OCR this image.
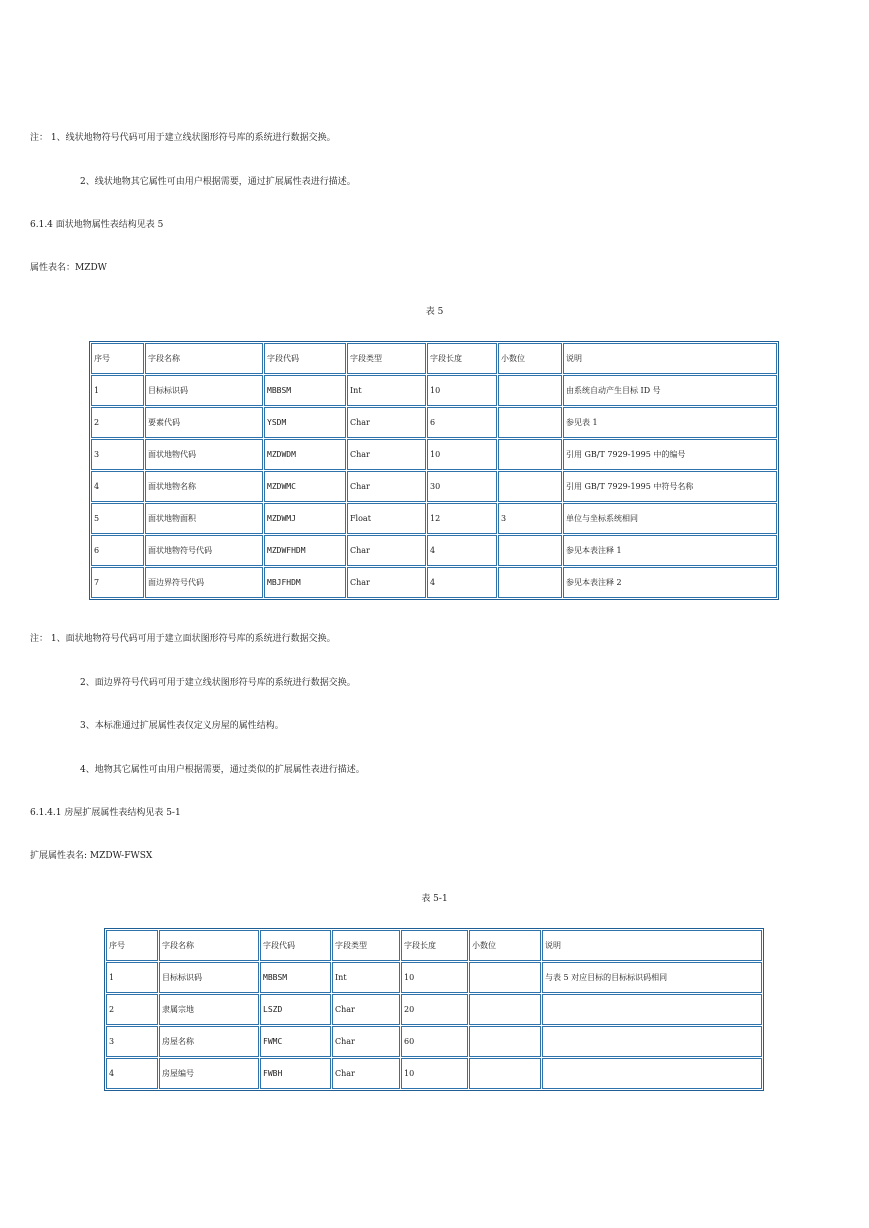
注： 1、线状地物符号代码可用于建立线状图形符号库的系统进行数据交换。
2、线状地物其它属性可由用户根据需要，通过扩展属性表进行描述。
6.1.4 面状地物属性表结构见表 5
属性表名：MZDW
表 5
序号	字段名称	字段代码	字段类型	字段长度	小数位	说明
1	目标标识码	MBBSM	Int	10		由系统自动产生目标 ID 号
2	要素代码	YSDM	Char	6		参见表 1
3	面状地物代码	MZDWDM	Char	10		引用 GB/T 7929-1995 中的编号
4	面状地物名称	MZDWMC	Char	30		引用 GB/T 7929-1995 中符号名称
5	面状地物面积	MZDWMJ	Float	12	3	单位与坐标系统相同
6	面状地物符号代码	MZDWFHDM	Char	4		参见本表注释 1
7	面边界符号代码	MBJFHDM	Char	4		参见本表注释 2
注： 1、面状地物符号代码可用于建立面状图形符号库的系统进行数据交换。
2、面边界符号代码可用于建立线状图形符号库的系统进行数据交换。
3、本标准通过扩展属性表仅定义房屋的属性结构。
4、地物其它属性可由用户根据需要，通过类似的扩展属性表进行描述。
6.1.4.1 房屋扩展属性表结构见表 5-1
扩展属性表名: MZDW-FWSX
表 5-1
序号	字段名称	字段代码	字段类型	字段长度	小数位	说明
1	目标标识码	MBBSM	Int	10		与表 5 对应目标的目标标识码相同
2	隶属宗地	LSZD	Char	20		
3	房屋名称	FWMC	Char	60		
4	房屋编号	FWBH	Char	10		
